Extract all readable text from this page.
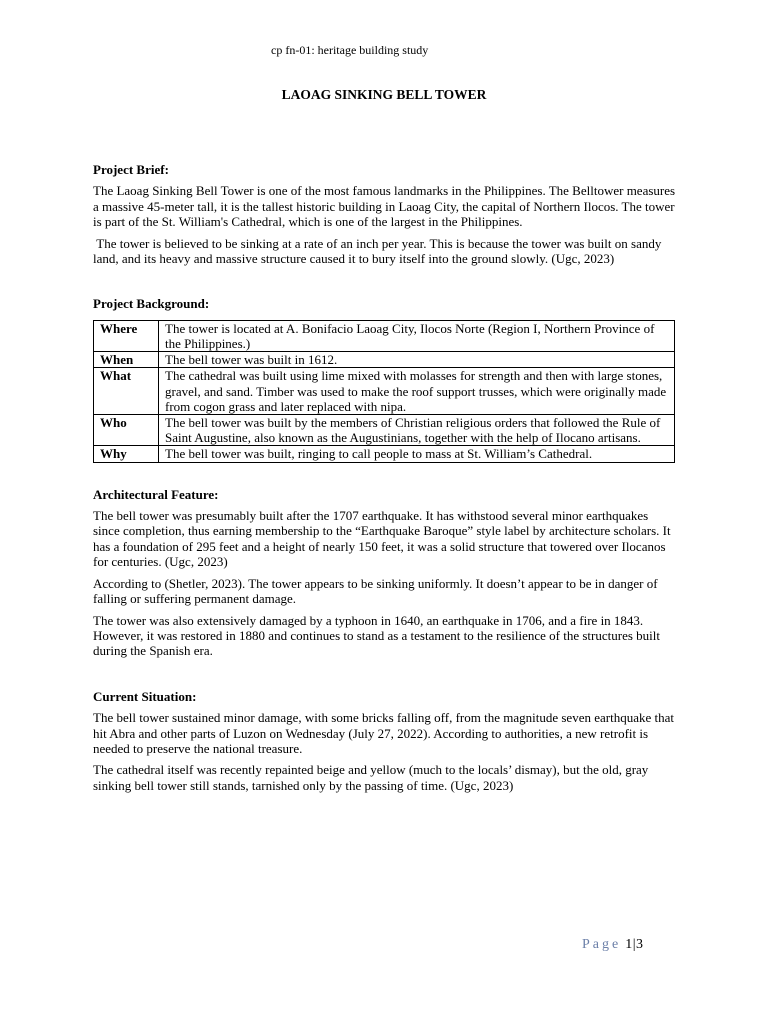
cp fn-01: heritage building study
LAOAG SINKING BELL TOWER
Project Brief:

The Laoag Sinking Bell Tower is one of the most famous landmarks in the Philippines. The Belltower measures a massive 45-meter tall, it is the tallest historic building in Laoag City, the capital of Northern Ilocos. The tower is part of the St. William's Cathedral, which is one of the largest in the Philippines.

The tower is believed to be sinking at a rate of an inch per year. This is because the tower was built on sandy land, and its heavy and massive structure caused it to bury itself into the ground slowly. (Ugc, 2023)

Project Background:
Where	The tower is located at A. Bonifacio Laoag City, Ilocos Norte (Region I, Northern Province of the Philippines.)
When	The bell tower was built in 1612.
What	The cathedral was built using lime mixed with molasses for strength and then with large stones, gravel, and sand. Timber was used to make the roof support trusses, which were originally made from cogon grass and later replaced with nipa.
Who	The bell tower was built by the members of Christian religious orders that followed the Rule of Saint Augustine, also known as the Augustinians, together with the help of Ilocano artisans.
Why	The bell tower was built, ringing to call people to mass at St. William’s Cathedral.
Architectural Feature:

The bell tower was presumably built after the 1707 earthquake. It has withstood several minor earthquakes since completion, thus earning membership to the “Earthquake Baroque” style label by architecture scholars. It has a foundation of 295 feet and a height of nearly 150 feet, it was a solid structure that towered over Ilocanos for centuries. (Ugc, 2023)

According to (Shetler, 2023). The tower appears to be sinking uniformly. It doesn’t appear to be in danger of falling or suffering permanent damage.

The tower was also extensively damaged by a typhoon in 1640, an earthquake in 1706, and a fire in 1843. However, it was restored in 1880 and continues to stand as a testament to the resilience of the structures built during the Spanish era.

Current Situation:

The bell tower sustained minor damage, with some bricks falling off, from the magnitude seven earthquake that hit Abra and other parts of Luzon on Wednesday (July 27, 2022). According to authorities, a new retrofit is needed to preserve the national treasure.

The cathedral itself was recently repainted beige and yellow (much to the locals’ dismay), but the old, gray sinking bell tower still stands, tarnished only by the passing of time. (Ugc, 2023)

Page 1|3
